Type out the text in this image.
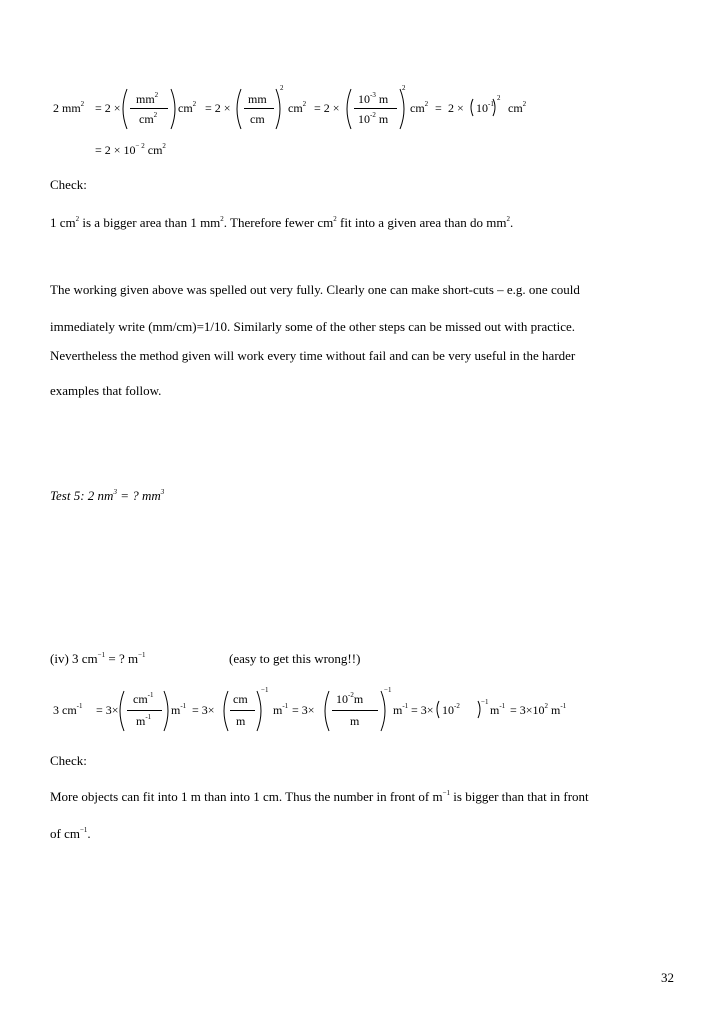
2 $mm^2 = 2$ ×
$mm^2$
$cm^2$ $cm^2 = 2$ ×
mm
cm
2
$cm^2 = 2$ ×
$10^{-3}$ m
$10^{-2}$ m
2
$cm^2 = 2 \times 10^{-1}$
2
$cm^2$
= $2 \times 10^{- 2}$ $cm^2$
Check:
1 $cm^2$ is a bigger area than 1 $mm^2$. Therefore fewer $cm^2$ fit into a given area than do $mm^2$.
The working given above was spelled out very fully. Clearly one can make short-cuts – e.g. one could
immediately write (mm/cm)=1/10. Similarly some of the other steps can be missed out with practice.
Nevertheless the method given will work every time without fail and can be very useful in the harder
examples that follow.
Test 5: 2 $nm^3$ = ? $mm^3$
(iv) 3 $cm^{-1}$ = ? $m^{-1}$	(easy to get this wrong!!)
3 $cm^{-1} = 3\times$
$cm^{-1}$
$m^{-1}$ $m^{-1} = 3\times$
cm
m
−1
$m^{-1} = 3\times$
$10^{-2}m$
m
−1
$m^{-1} = 3\times 10^{-2}$	−1
$m^{-1} = 3\times 10^2$ $m^{-1}$
Check:
More objects can fit into 1 m than into 1 cm. Thus the number in front of $m^{-1}$ is bigger than that in front
of $cm^{-1}$.
32
